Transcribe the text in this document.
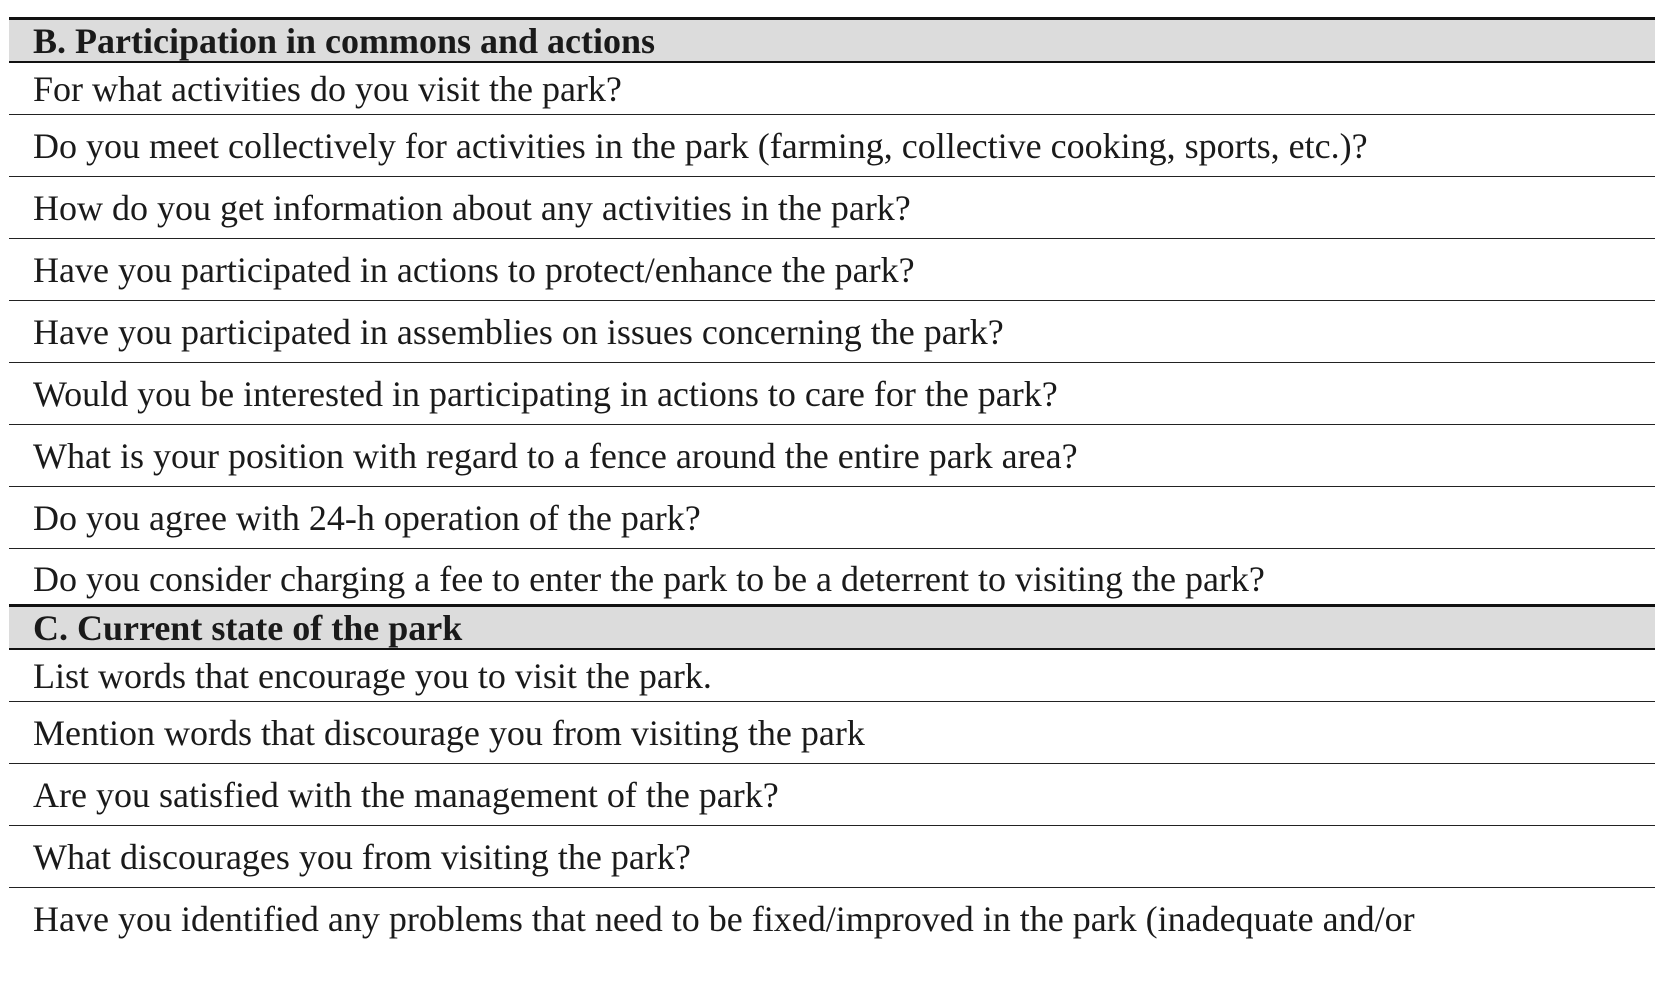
B. Participation in commons and actions
For what activities do you visit the park?
Do you meet collectively for activities in the park (farming, collective cooking, sports, etc.)?
How do you get information about any activities in the park?
Have you participated in actions to protect/enhance the park?
Have you participated in assemblies on issues concerning the park?
Would you be interested in participating in actions to care for the park?
What is your position with regard to a fence around the entire park area?
Do you agree with 24-h operation of the park?
Do you consider charging a fee to enter the park to be a deterrent to visiting the park?
C. Current state of the park
List words that encourage you to visit the park.
Mention words that discourage you from visiting the park
Are you satisfied with the management of the park?
What discourages you from visiting the park?
Have you identified any problems that need to be fixed/improved in the park (inadequate and/or
